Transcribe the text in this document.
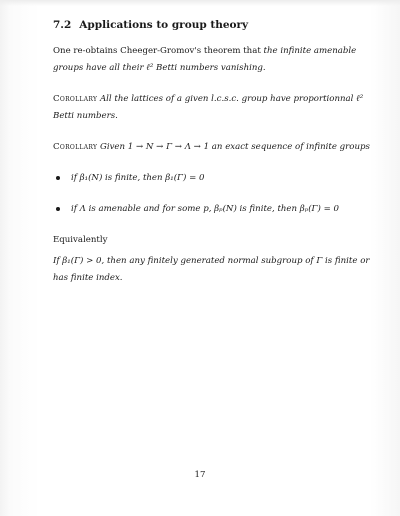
7.2 Applications to group theory

One re-obtains Cheeger-Gromov's theorem that the infinite amenable groups have all their ℓ² Betti numbers vanishing.

Corollary All the lattices of a given l.c.s.c. group have proportionnal ℓ² Betti numbers.

Corollary Given 1 → N → Γ → Λ → 1 an exact sequence of infinite groups

if β₁(N) is finite, then β₁(Γ) = 0
if Λ is amenable and for some p, βₚ(N) is finite, then βₚ(Γ) = 0

Equivalently

If β₁(Γ) > 0, then any finitely generated normal subgroup of Γ is finite or has finite index.

17
